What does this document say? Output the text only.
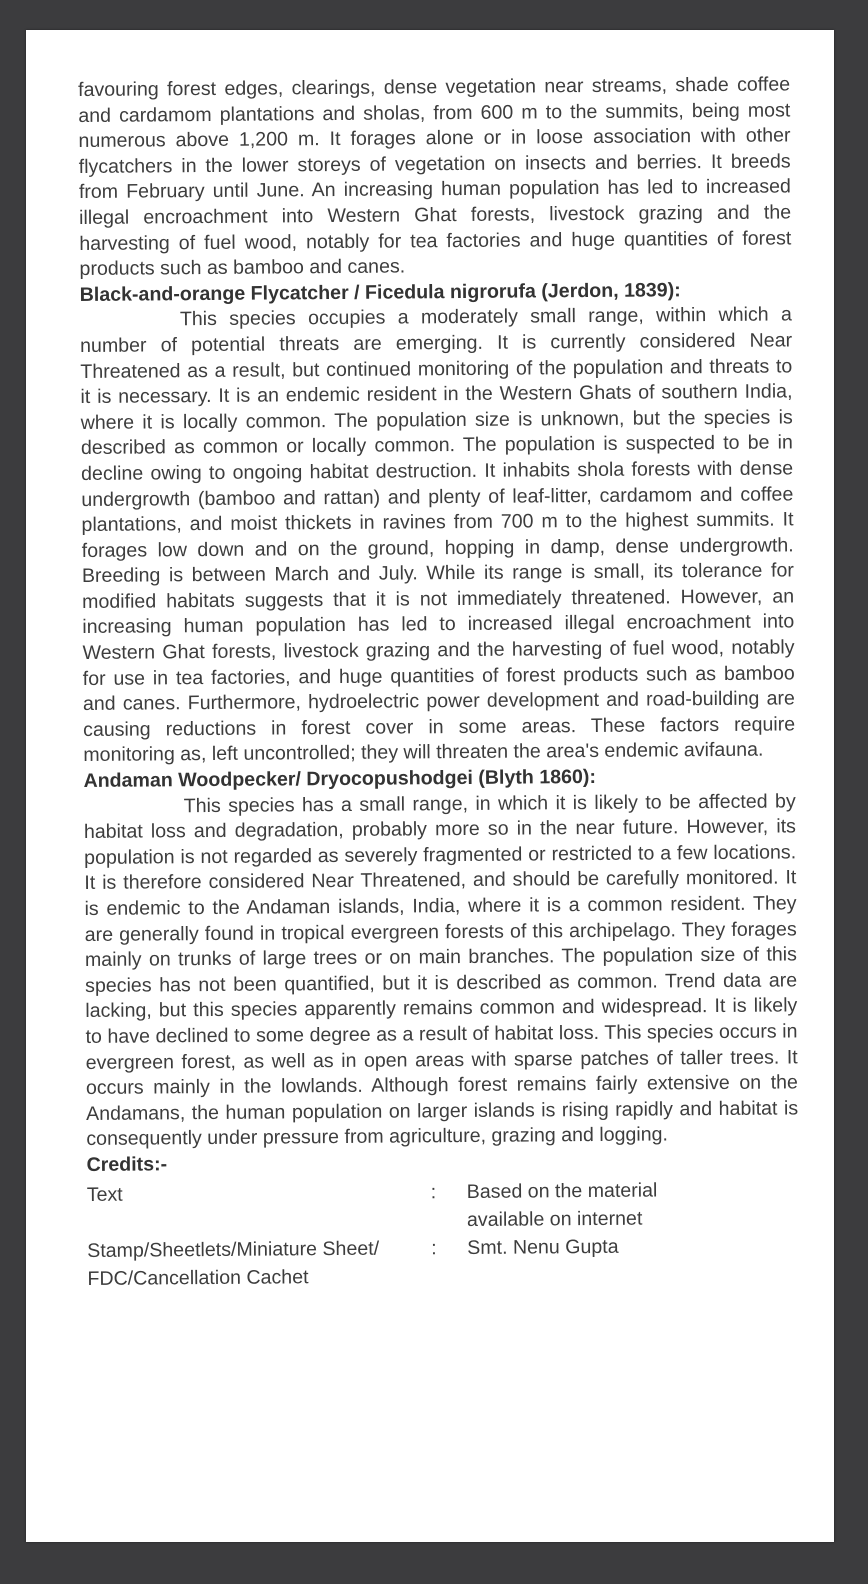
favouring forest edges, clearings, dense vegetation near streams, shade coffee and cardamom plantations and sholas, from 600 m to the summits, being most numerous above 1,200 m. It forages alone or in loose association with other flycatchers in the lower storeys of vegetation on insects and berries. It breeds from February until June. An increasing human population has led to increased illegal encroachment into Western Ghat forests, livestock grazing and the harvesting of fuel wood, notably for tea factories and huge quantities of forest products such as bamboo and canes.

Black-and-orange Flycatcher / Ficedula nigrorufa (Jerdon, 1839):

This species occupies a moderately small range, within which a number of potential threats are emerging. It is currently considered Near Threatened as a result, but continued monitoring of the population and threats to it is necessary. It is an endemic resident in the Western Ghats of southern India, where it is locally common. The population size is unknown, but the species is described as common or locally common. The population is suspected to be in decline owing to ongoing habitat destruction. It inhabits shola forests with dense undergrowth (bamboo and rattan) and plenty of leaf-litter, cardamom and coffee plantations, and moist thickets in ravines from 700 m to the highest summits. It forages low down and on the ground, hopping in damp, dense undergrowth. Breeding is between March and July. While its range is small, its tolerance for modified habitats suggests that it is not immediately threatened. However, an increasing human population has led to increased illegal encroachment into Western Ghat forests, livestock grazing and the harvesting of fuel wood, notably for use in tea factories, and huge quantities of forest products such as bamboo and canes. Furthermore, hydroelectric power development and road-building are causing reductions in forest cover in some areas. These factors require monitoring as, left uncontrolled; they will threaten the area's endemic avifauna.

Andaman Woodpecker/ Dryocopushodgei (Blyth 1860):

This species has a small range, in which it is likely to be affected by habitat loss and degradation, probably more so in the near future. However, its population is not regarded as severely fragmented or restricted to a few locations. It is therefore considered Near Threatened, and should be carefully monitored. It is endemic to the Andaman islands, India, where it is a common resident. They are generally found in tropical evergreen forests of this archipelago. They forages mainly on trunks of large trees or on main branches. The population size of this species has not been quantified, but it is described as common. Trend data are lacking, but this species apparently remains common and widespread. It is likely to have declined to some degree as a result of habitat loss. This species occurs in evergreen forest, as well as in open areas with sparse patches of taller trees. It occurs mainly in the lowlands. Although forest remains fairly extensive on the Andamans, the human population on larger islands is rising rapidly and habitat is consequently under pressure from agriculture, grazing and logging.

Credits:-

Text	:	Based on the material
available on internet

Stamp/Sheetlets/Miniature Sheet/
FDC/Cancellation Cachet	:	Smt. Nenu Gupta
